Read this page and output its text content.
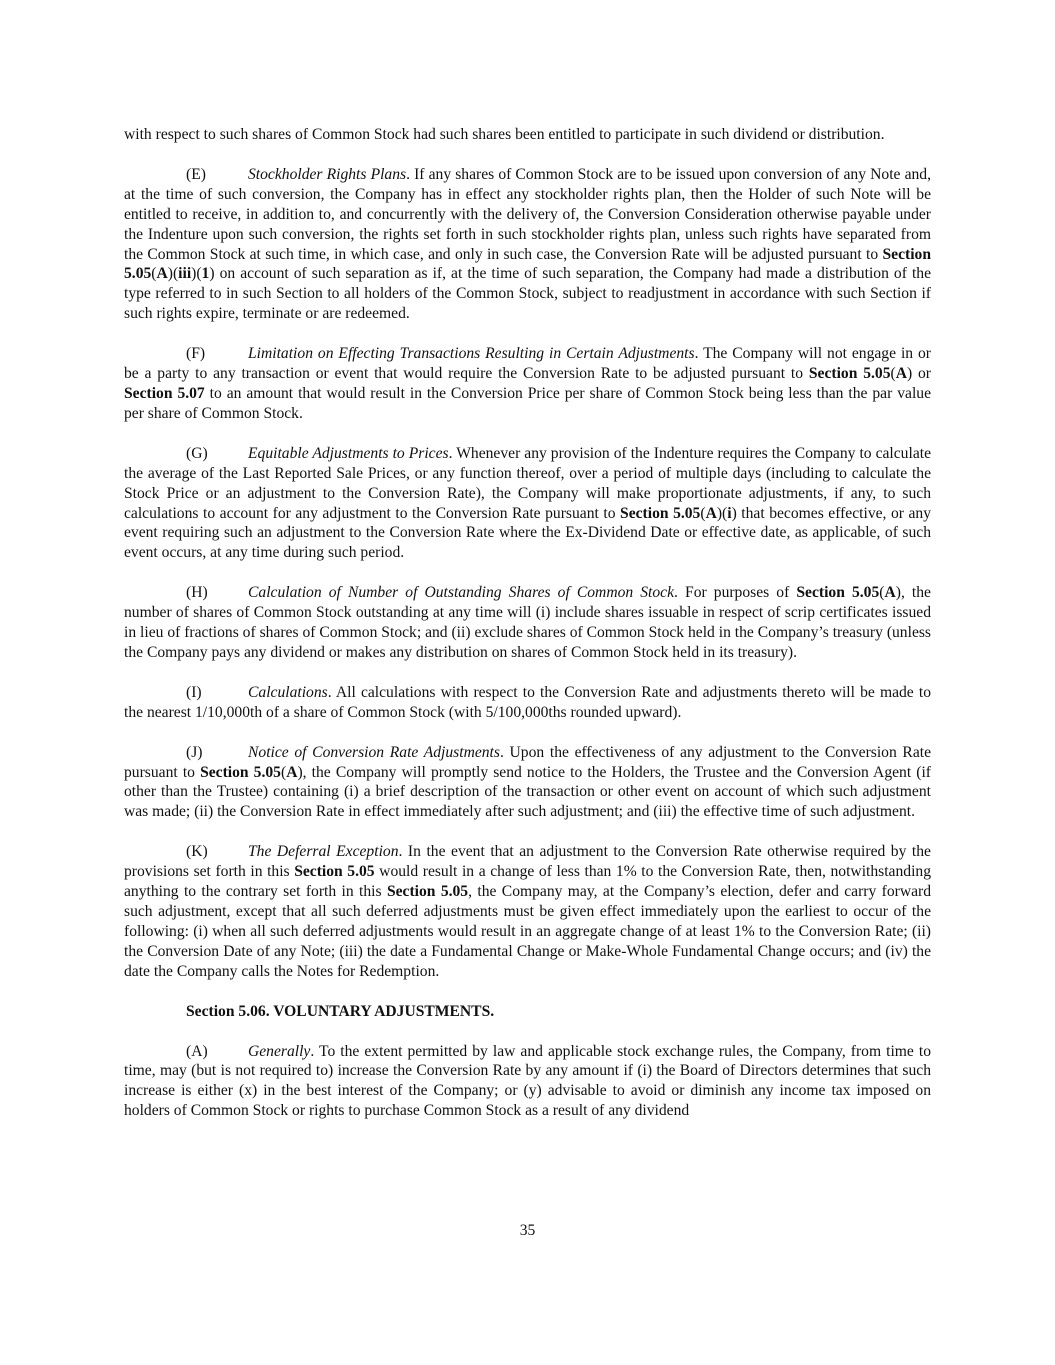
with respect to such shares of Common Stock had such shares been entitled to participate in such dividend or distribution.

(E)	Stockholder Rights Plans. If any shares of Common Stock are to be issued upon conversion of any Note and, at the time of such conversion, the Company has in effect any stockholder rights plan, then the Holder of such Note will be entitled to receive, in addition to, and concurrently with the delivery of, the Conversion Consideration otherwise payable under the Indenture upon such conversion, the rights set forth in such stockholder rights plan, unless such rights have separated from the Common Stock at such time, in which case, and only in such case, the Conversion Rate will be adjusted pursuant to Section 5.05(A)(iii)(1) on account of such separation as if, at the time of such separation, the Company had made a distribution of the type referred to in such Section to all holders of the Common Stock, subject to readjustment in accordance with such Section if such rights expire, terminate or are redeemed.

(F)	Limitation on Effecting Transactions Resulting in Certain Adjustments. The Company will not engage in or be a party to any transaction or event that would require the Conversion Rate to be adjusted pursuant to Section 5.05(A) or Section 5.07 to an amount that would result in the Conversion Price per share of Common Stock being less than the par value per share of Common Stock.

(G)	Equitable Adjustments to Prices. Whenever any provision of the Indenture requires the Company to calculate the average of the Last Reported Sale Prices, or any function thereof, over a period of multiple days (including to calculate the Stock Price or an adjustment to the Conversion Rate), the Company will make proportionate adjustments, if any, to such calculations to account for any adjustment to the Conversion Rate pursuant to Section 5.05(A)(i) that becomes effective, or any event requiring such an adjustment to the Conversion Rate where the Ex-Dividend Date or effective date, as applicable, of such event occurs, at any time during such period.

(H)	Calculation of Number of Outstanding Shares of Common Stock. For purposes of Section 5.05(A), the number of shares of Common Stock outstanding at any time will (i) include shares issuable in respect of scrip certificates issued in lieu of fractions of shares of Common Stock; and (ii) exclude shares of Common Stock held in the Company’s treasury (unless the Company pays any dividend or makes any distribution on shares of Common Stock held in its treasury).

(I)	Calculations. All calculations with respect to the Conversion Rate and adjustments thereto will be made to the nearest 1/10,000th of a share of Common Stock (with 5/100,000ths rounded upward).

(J)	Notice of Conversion Rate Adjustments. Upon the effectiveness of any adjustment to the Conversion Rate pursuant to Section 5.05(A), the Company will promptly send notice to the Holders, the Trustee and the Conversion Agent (if other than the Trustee) containing (i) a brief description of the transaction or other event on account of which such adjustment was made; (ii) the Conversion Rate in effect immediately after such adjustment; and (iii) the effective time of such adjustment.

(K)	The Deferral Exception. In the event that an adjustment to the Conversion Rate otherwise required by the provisions set forth in this Section 5.05 would result in a change of less than 1% to the Conversion Rate, then, notwithstanding anything to the contrary set forth in this Section 5.05, the Company may, at the Company’s election, defer and carry forward such adjustment, except that all such deferred adjustments must be given effect immediately upon the earliest to occur of the following: (i) when all such deferred adjustments would result in an aggregate change of at least 1% to the Conversion Rate; (ii) the Conversion Date of any Note; (iii) the date a Fundamental Change or Make-Whole Fundamental Change occurs; and (iv) the date the Company calls the Notes for Redemption.

Section 5.06. VOLUNTARY ADJUSTMENTS.

(A)	Generally. To the extent permitted by law and applicable stock exchange rules, the Company, from time to time, may (but is not required to) increase the Conversion Rate by any amount if (i) the Board of Directors determines that such increase is either (x) in the best interest of the Company; or (y) advisable to avoid or diminish any income tax imposed on holders of Common Stock or rights to purchase Common Stock as a result of any dividend

35
